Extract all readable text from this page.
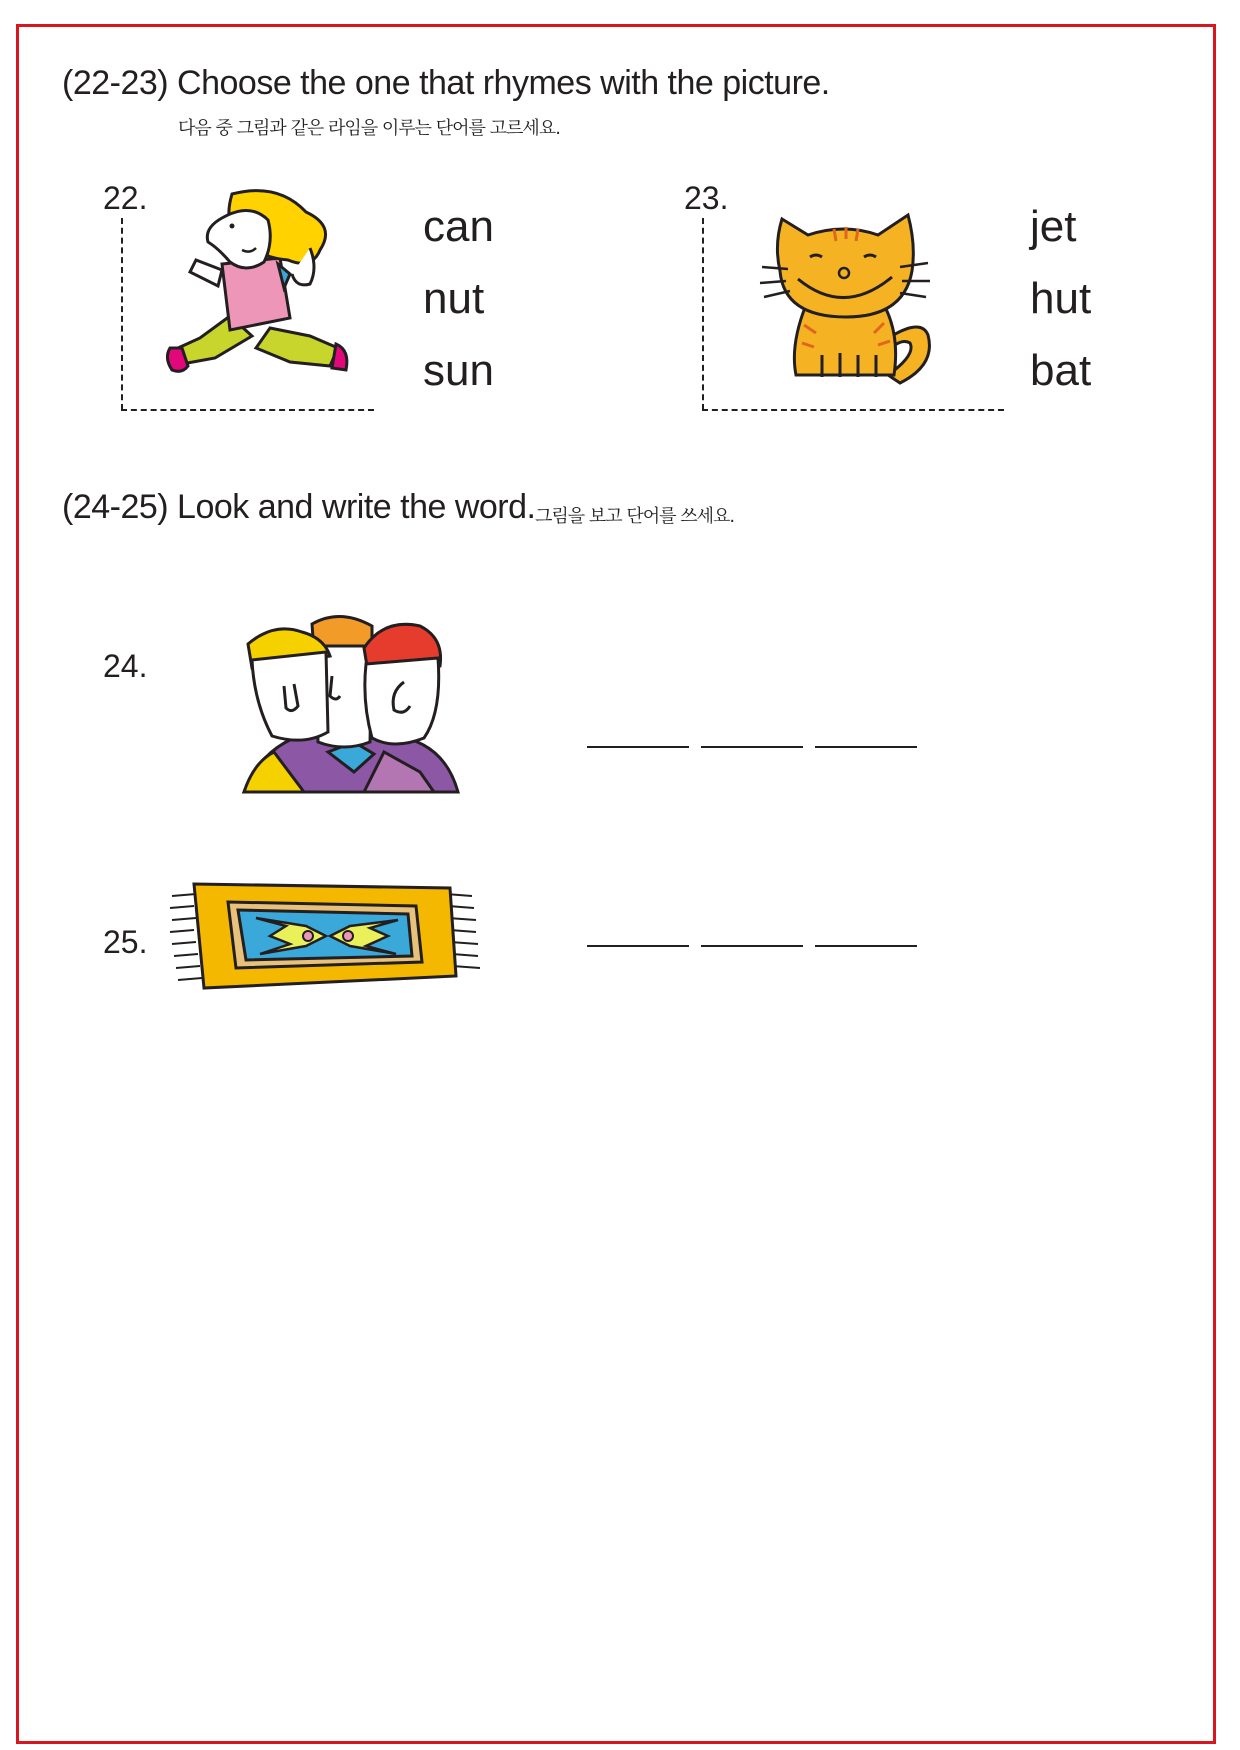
(22-23) Choose the one that rhymes with the picture.
다음 중 그림과 같은 라임을 이루는 단어를 고르세요.
22.
can
nut
sun
23.
jet
hut
bat
(24-25) Look and write the word. 그림을 보고 단어를 쓰세요.
24.
25.
